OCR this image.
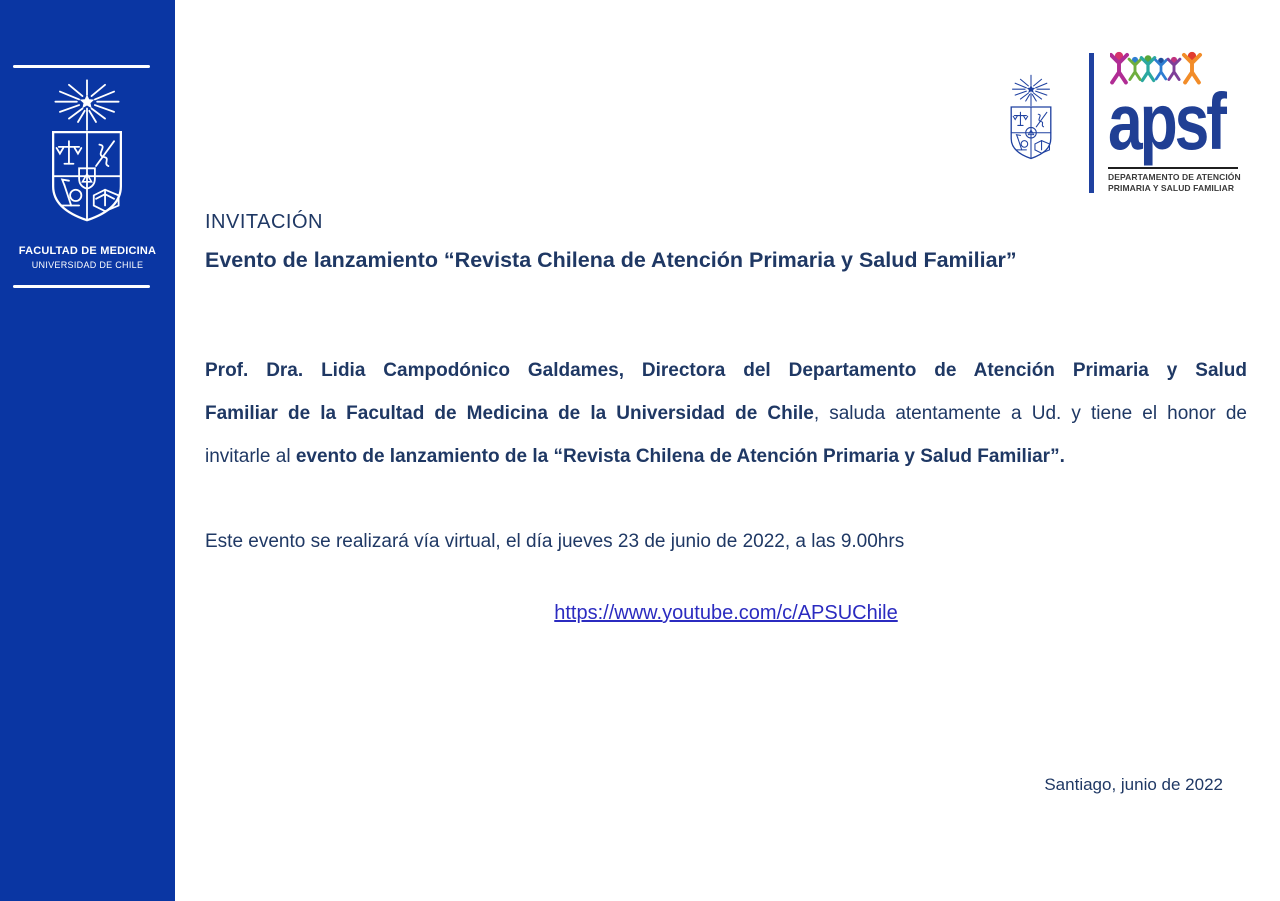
FACULTAD DE MEDICINA
UNIVERSIDAD DE CHILE
apsf
DEPARTAMENTO DE ATENCIÓN
PRIMARIA Y SALUD FAMILIAR
INVITACIÓN
Evento de lanzamiento “Revista Chilena de Atención Primaria y Salud Familiar”
Prof. Dra. Lidia Campodónico Galdames, Directora del Departamento de Atención Primaria y Salud
Familiar de la Facultad de Medicina de la Universidad de Chile, saluda atentamente a Ud. y tiene el honor de
invitarle al evento de lanzamiento de la “Revista Chilena de Atención Primaria y Salud Familiar”.
Este evento se realizará vía virtual, el día jueves 23 de junio de 2022, a las 9.00hrs
https://www.youtube.com/c/APSUChile
Santiago, junio de 2022
